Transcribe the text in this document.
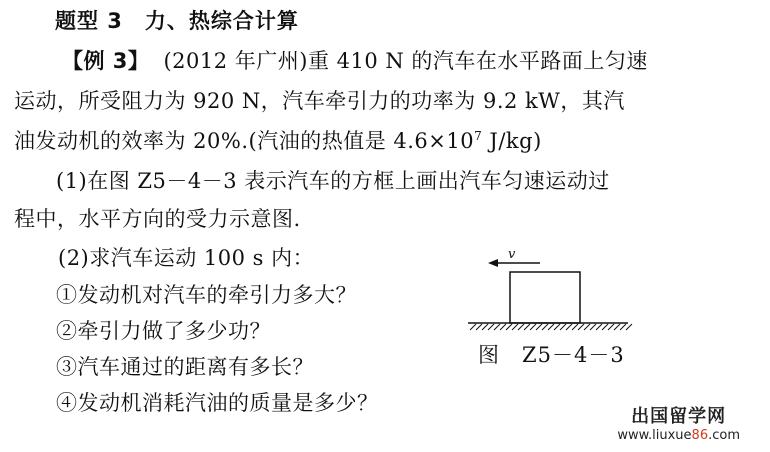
题型 3　力、热综合计算
【例 3】 (2012 年广州)重 410 N 的汽车在水平路面上匀速
运动，所受阻力为 920 N，汽车牵引力的功率为 9.2 kW，其汽
油发动机的效率为 20%.(汽油的热值是 $4.6\times 10^7$ J/kg)
(1)在图 Z5－4－3 表示汽车的方框上画出汽车匀速运动过
程中，水平方向的受力示意图.
(2)求汽车运动 100 s 内：
①发动机对汽车的牵引力多大？
②牵引力做了多少功？
③汽车通过的距离有多长？
④发动机消耗汽油的质量是多少？
v
图　Z5－4－3
出国留学网
www.liuxue86.com
